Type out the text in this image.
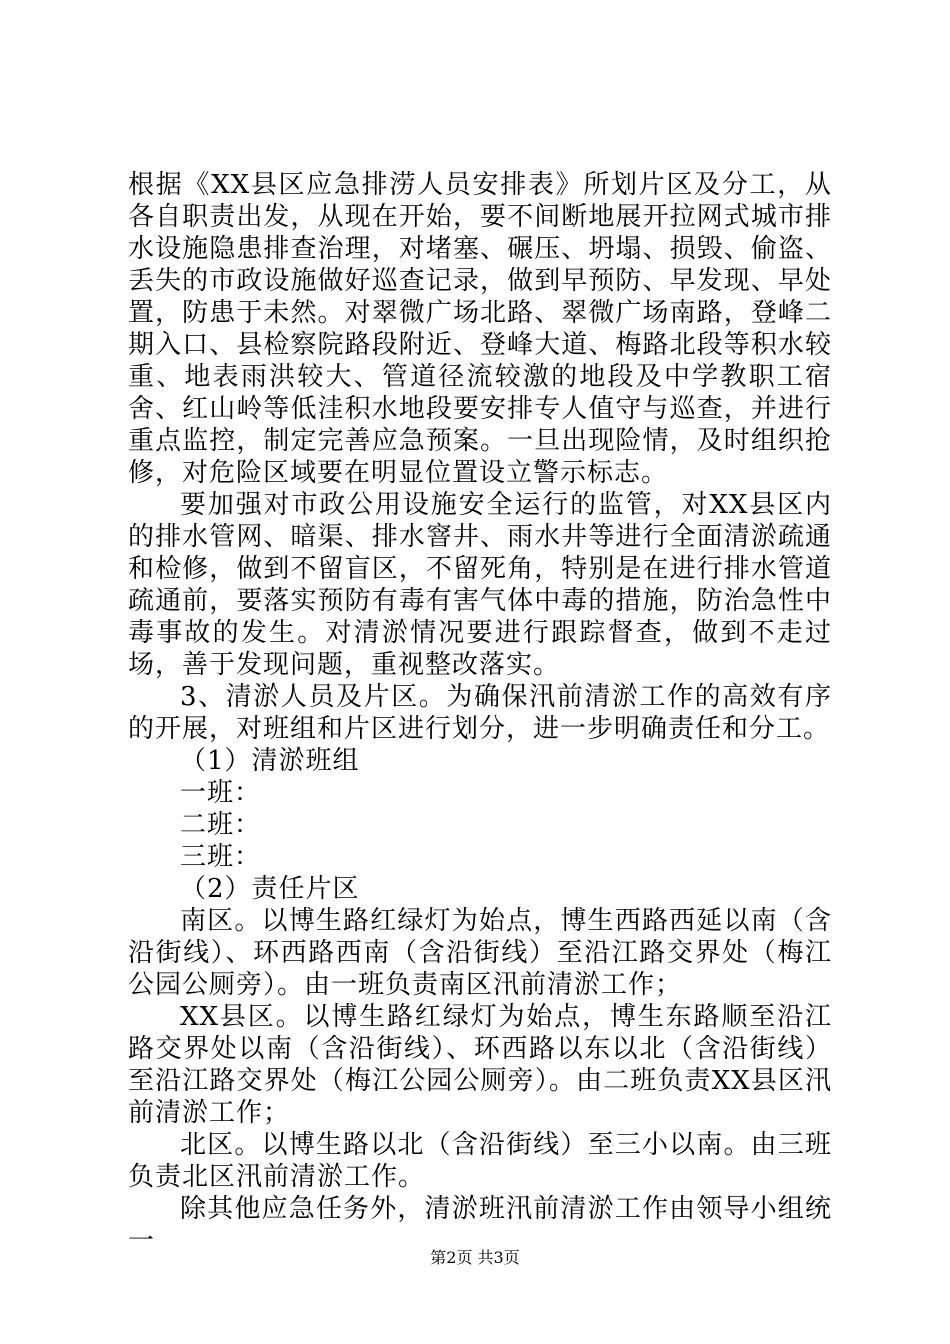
根据《XX县区应急排涝人员安排表》所划片区及分工，从各自职责出发，从现在开始，要不间断地展开拉网式城市排水设施隐患排查治理，对堵塞、碾压、坍塌、损毁、偷盗、丢失的市政设施做好巡查记录，做到早预防、早发现、早处置，防患于未然。对翠微广场北路、翠微广场南路，登峰二期入口、县检察院路段附近、登峰大道、梅路北段等积水较重、地表雨洪较大、管道径流较激的地段及中学教职工宿舍、红山岭等低洼积水地段要安排专人值守与巡查，并进行重点监控，制定完善应急预案。一旦出现险情，及时组织抢修，对危险区域要在明显位置设立警示标志。

要加强对市政公用设施安全运行的监管，对XX县区内的排水管网、暗渠、排水窨井、雨水井等进行全面清淤疏通和检修，做到不留盲区，不留死角，特别是在进行排水管道疏通前，要落实预防有毒有害气体中毒的措施，防治急性中毒事故的发生。对清淤情况要进行跟踪督查，做到不走过场，善于发现问题，重视整改落实。

3、清淤人员及片区。为确保汛前清淤工作的高效有序的开展，对班组和片区进行划分，进一步明确责任和分工。

（1）清淤班组

一班：

二班：

三班：

（2）责任片区

南区。以博生路红绿灯为始点，博生西路西延以南（含沿街线）、环西路西南（含沿街线）至沿江路交界处（梅江公园公厕旁）。由一班负责南区汛前清淤工作；

XX县区。以博生路红绿灯为始点，博生东路顺至沿江路交界处以南（含沿街线）、环西路以东以北（含沿街线）至沿江路交界处（梅江公园公厕旁）。由二班负责XX县区汛前清淤工作；

北区。以博生路以北（含沿街线）至三小以南。由三班负责北区汛前清淤工作。

除其他应急任务外，清淤班汛前清淤工作由领导小组统一

第2页 共3页
